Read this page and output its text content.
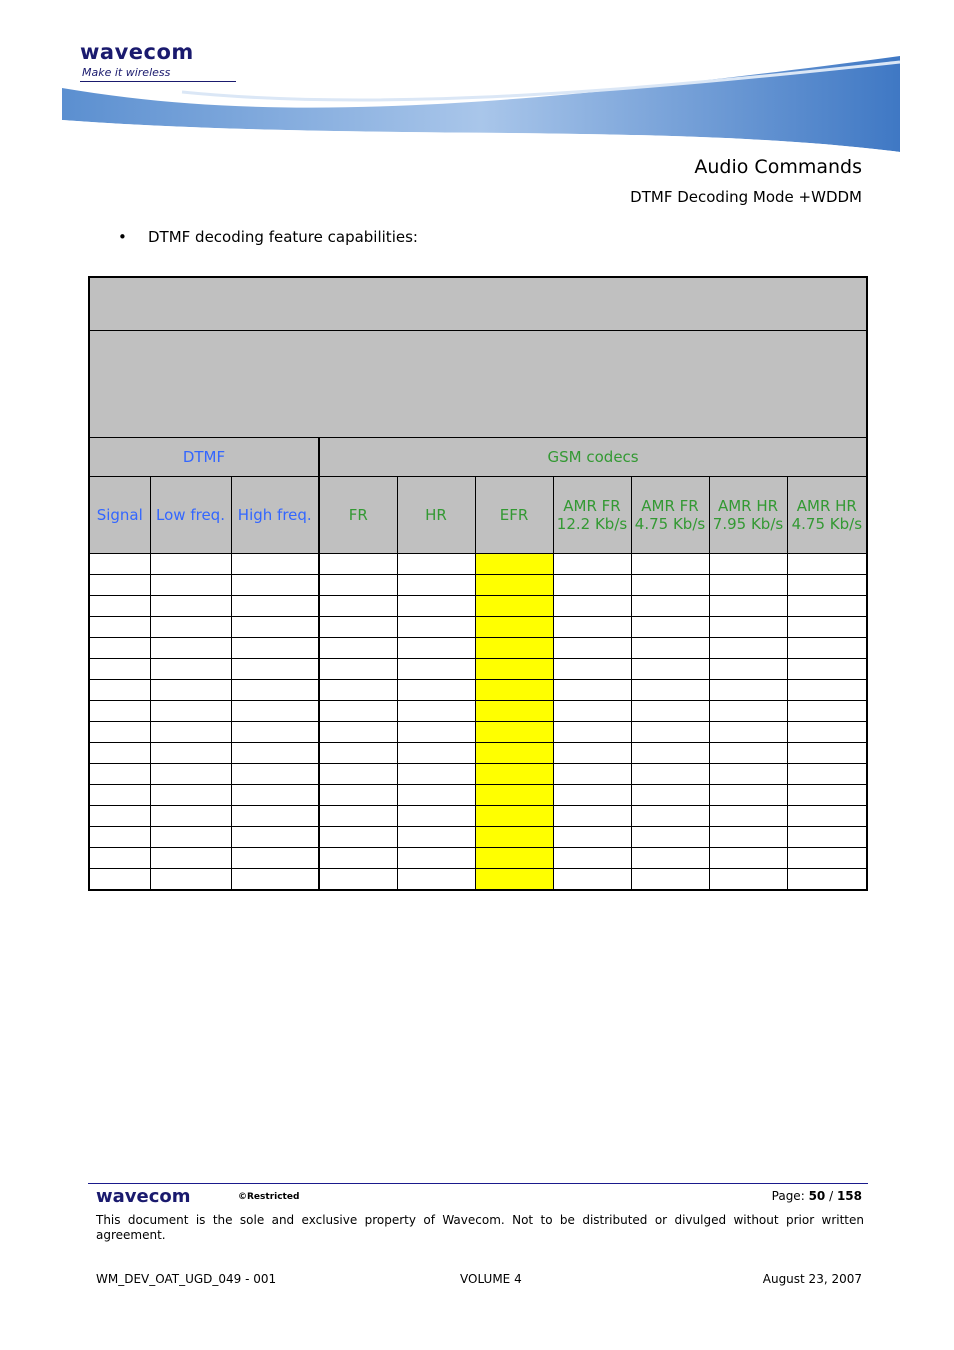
wavecom
Make it wireless
Audio Commands
DTMF Decoding Mode +WDDM
• DTMF decoding feature capabilities:

DTMF			GSM codecs						
Signal	Low freq.	High freq.	FR	HR	EFR	AMR FR 12.2 Kb/s	AMR FR 4.75 Kb/s	AMR HR 7.95 Kb/s	AMR HR 4.75 Kb/s

wavecom	©Restricted	Page: 50 / 158
This document is the sole and exclusive property of Wavecom. Not to be distributed or divulged without prior written agreement.
WM_DEV_OAT_UGD_049 - 001	VOLUME 4	August 23, 2007
